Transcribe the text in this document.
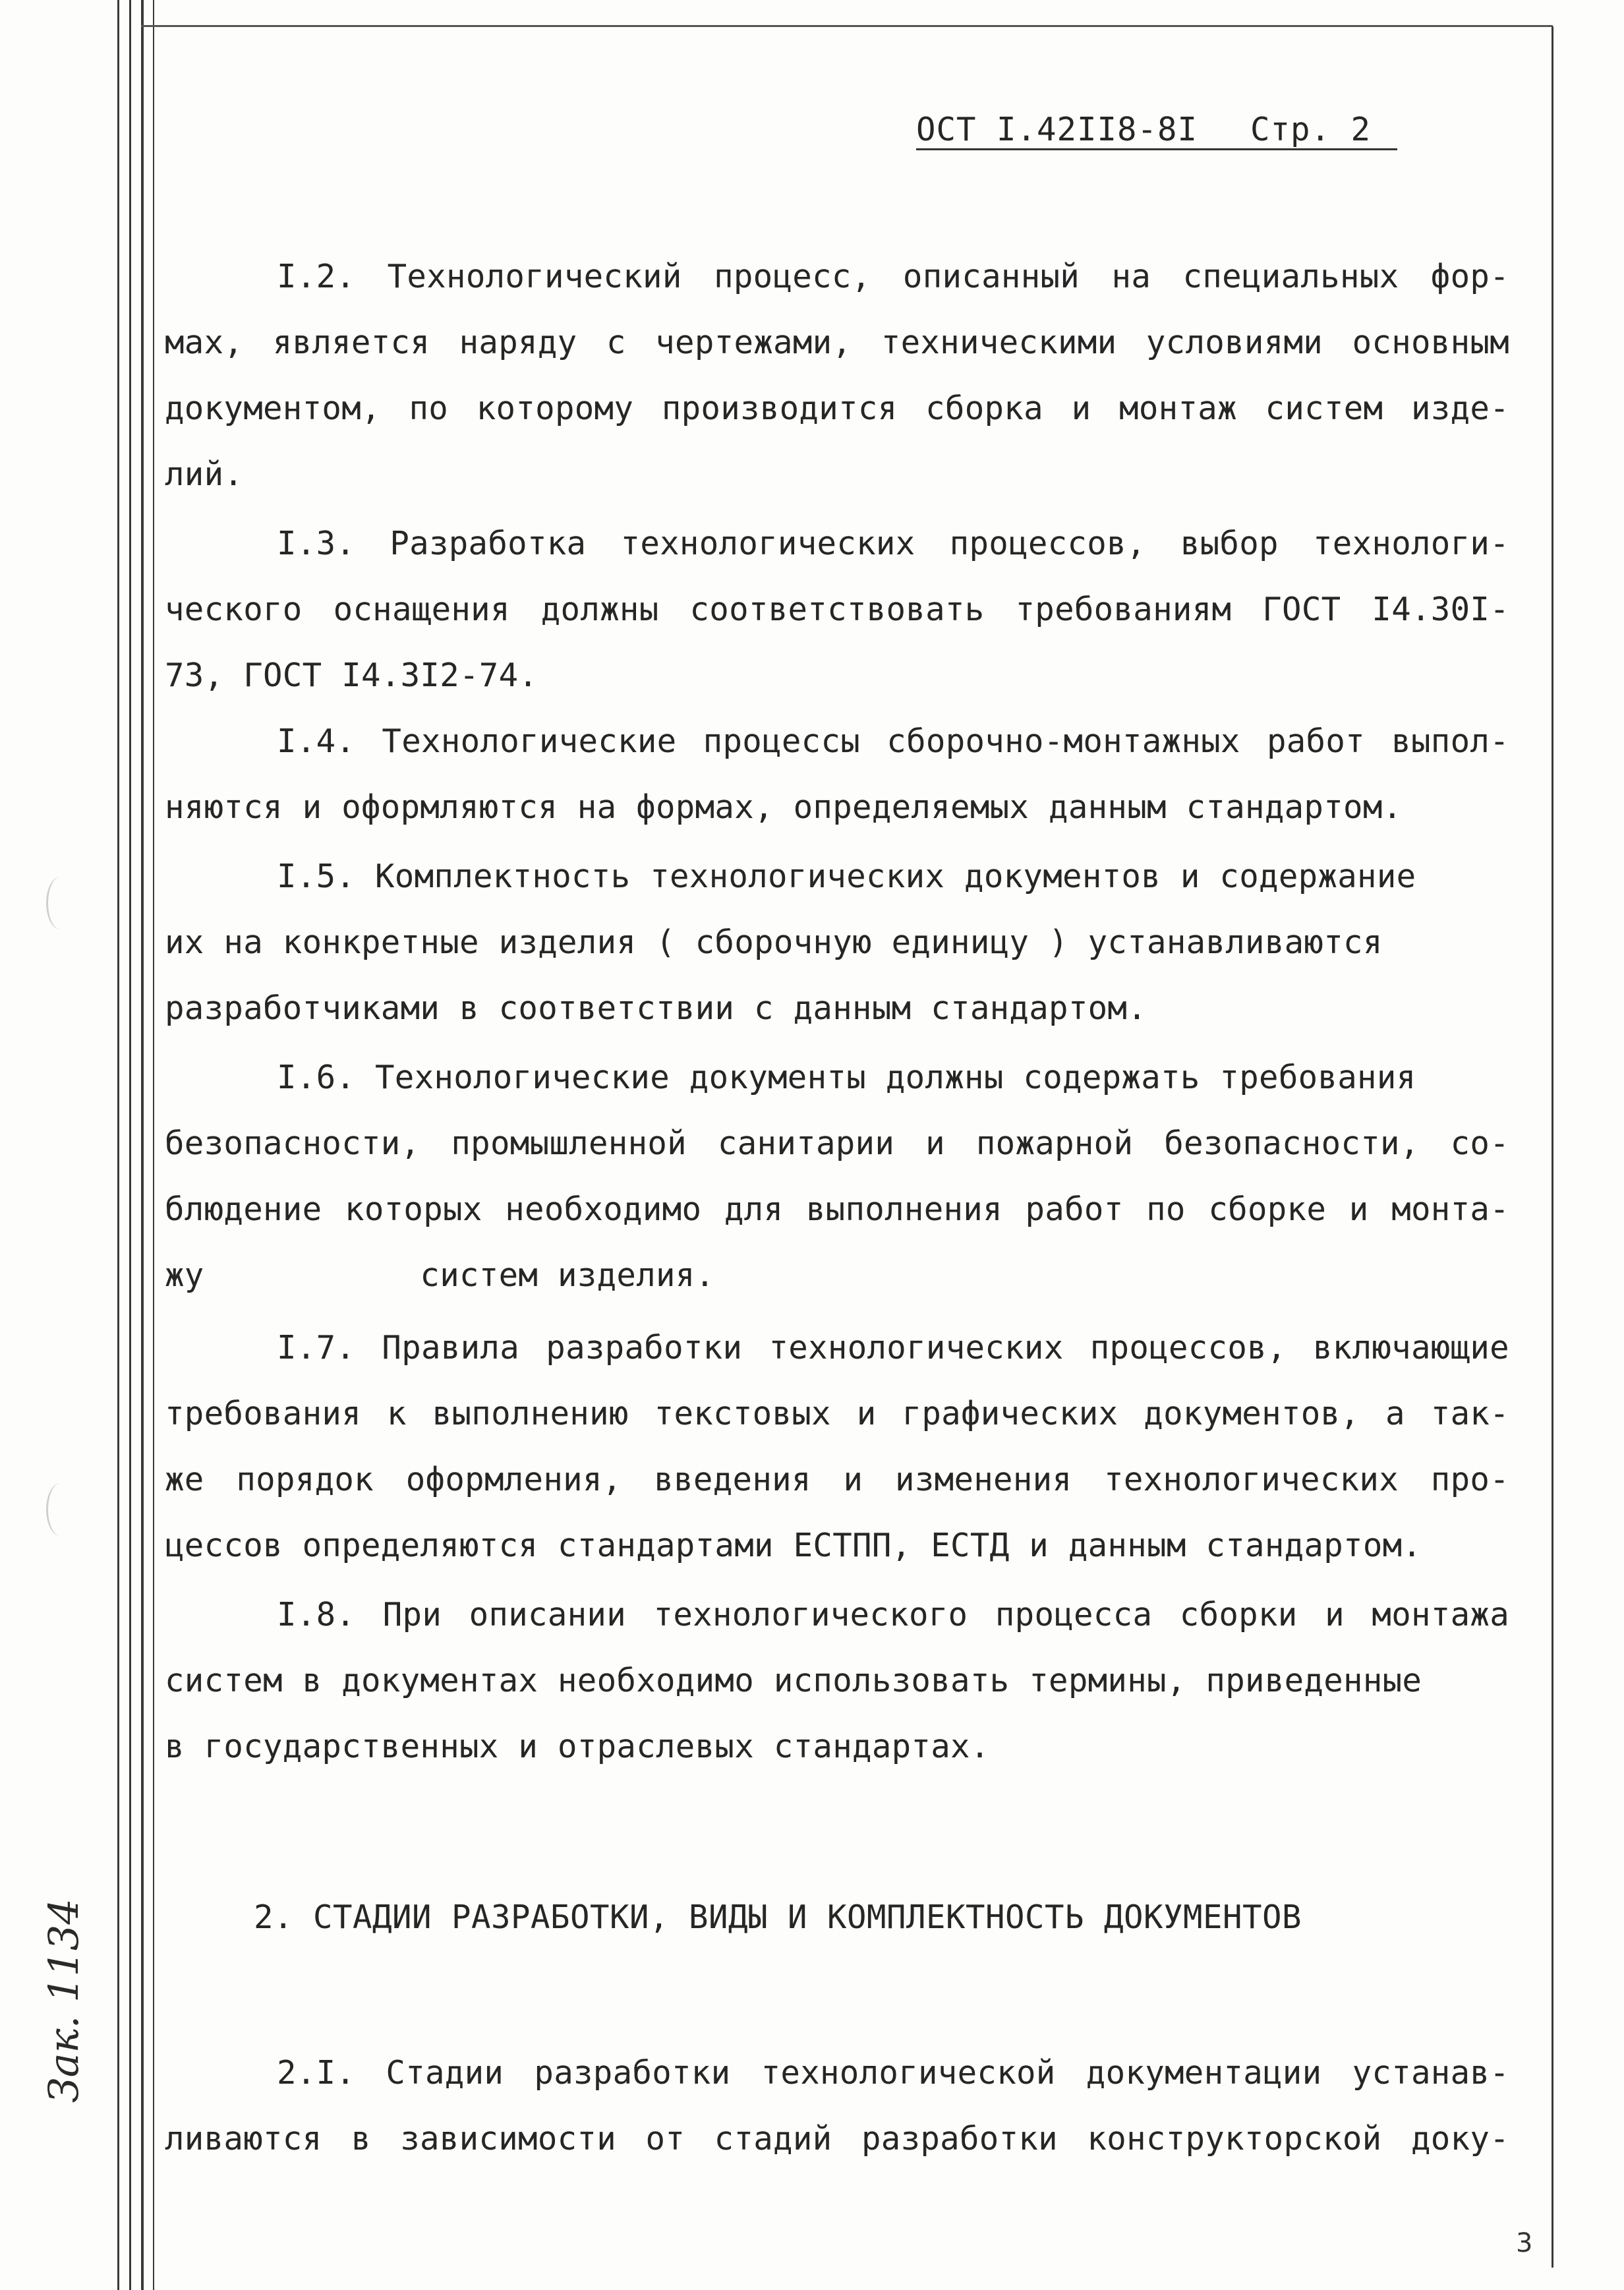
ОСТ I.42II8-8I Стр. 2
I.2. Технологический процесс, описанный на специальных фор-
мах, является наряду с чертежами, техническими условиями основным
документом, по которому производится сборка и монтаж систем изде-
лий.
I.3. Разработка технологических процессов, выбор технологи-
ческого оснащения должны соответствовать требованиям ГОСТ I4.30I-
73, ГОСТ I4.3I2-74.
I.4. Технологические процессы сборочно-монтажных работ выпол-
няются и оформляются на формах, определяемых данным стандартом.
I.5. Комплектность технологических документов и содержание
их на конкретные изделия ( сборочную единицу ) устанавливаются
разработчиками в соответствии с данным стандартом.
I.6. Технологические документы должны содержать требования
безопасности, промышленной санитарии и пожарной безопасности, со-
блюдение которых необходимо для выполнения работ по сборке и монта-
жу           систем изделия.
I.7. Правила разработки технологических процессов, включающие
требования к выполнению текстовых и графических документов, а так-
же порядок оформления, введения и изменения технологических про-
цессов определяются стандартами ЕСТПП, ЕСТД и данным стандартом.
I.8. При описании технологического процесса сборки и монтажа
систем в документах необходимо использовать термины, приведенные
в государственных и отраслевых стандартах.
2. СТАДИИ РАЗРАБОТКИ, ВИДЫ И КОМПЛЕКТНОСТЬ ДОКУМЕНТОВ
2.I. Стадии разработки технологической документации устанав-
ливаются в зависимости от стадий разработки конструкторской доку-
Зак. 1134
3
